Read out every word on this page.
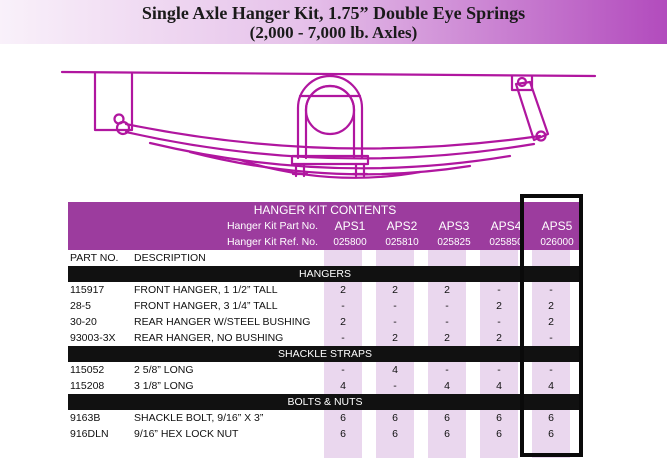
Single Axle Hanger Kit, 1.75” Double Eye Springs
(2,000 - 7,000 lb. Axles)
HANGER KIT CONTENTS												
Hanger Kit Part No.			APS1		APS2		APS3		APS4		APS5	
Hanger Kit Ref. No.			025800		025810		025825		025850		026000	
PART NO.	DESCRIPTION											
HANGERS												
115917	FRONT HANGER, 1 1/2” TALL		2		2		2		-		-	
28-5	FRONT HANGER, 3 1/4” TALL		-		-		-		2		2	
30-20	REAR HANGER W/STEEL BUSHING		2		-		-		-		2	
93003-3X	REAR HANGER, NO BUSHING		-		2		2		2		-	
SHACKLE STRAPS												
115052	2 5/8” LONG		-		4		-		-		-	
115208	3 1/8” LONG		4		-		4		4		4	
BOLTS & NUTS												
9163B	SHACKLE BOLT, 9/16” X 3”		6		6		6		6		6	
916DLN	9/16” HEX LOCK NUT		6		6		6		6		6	
